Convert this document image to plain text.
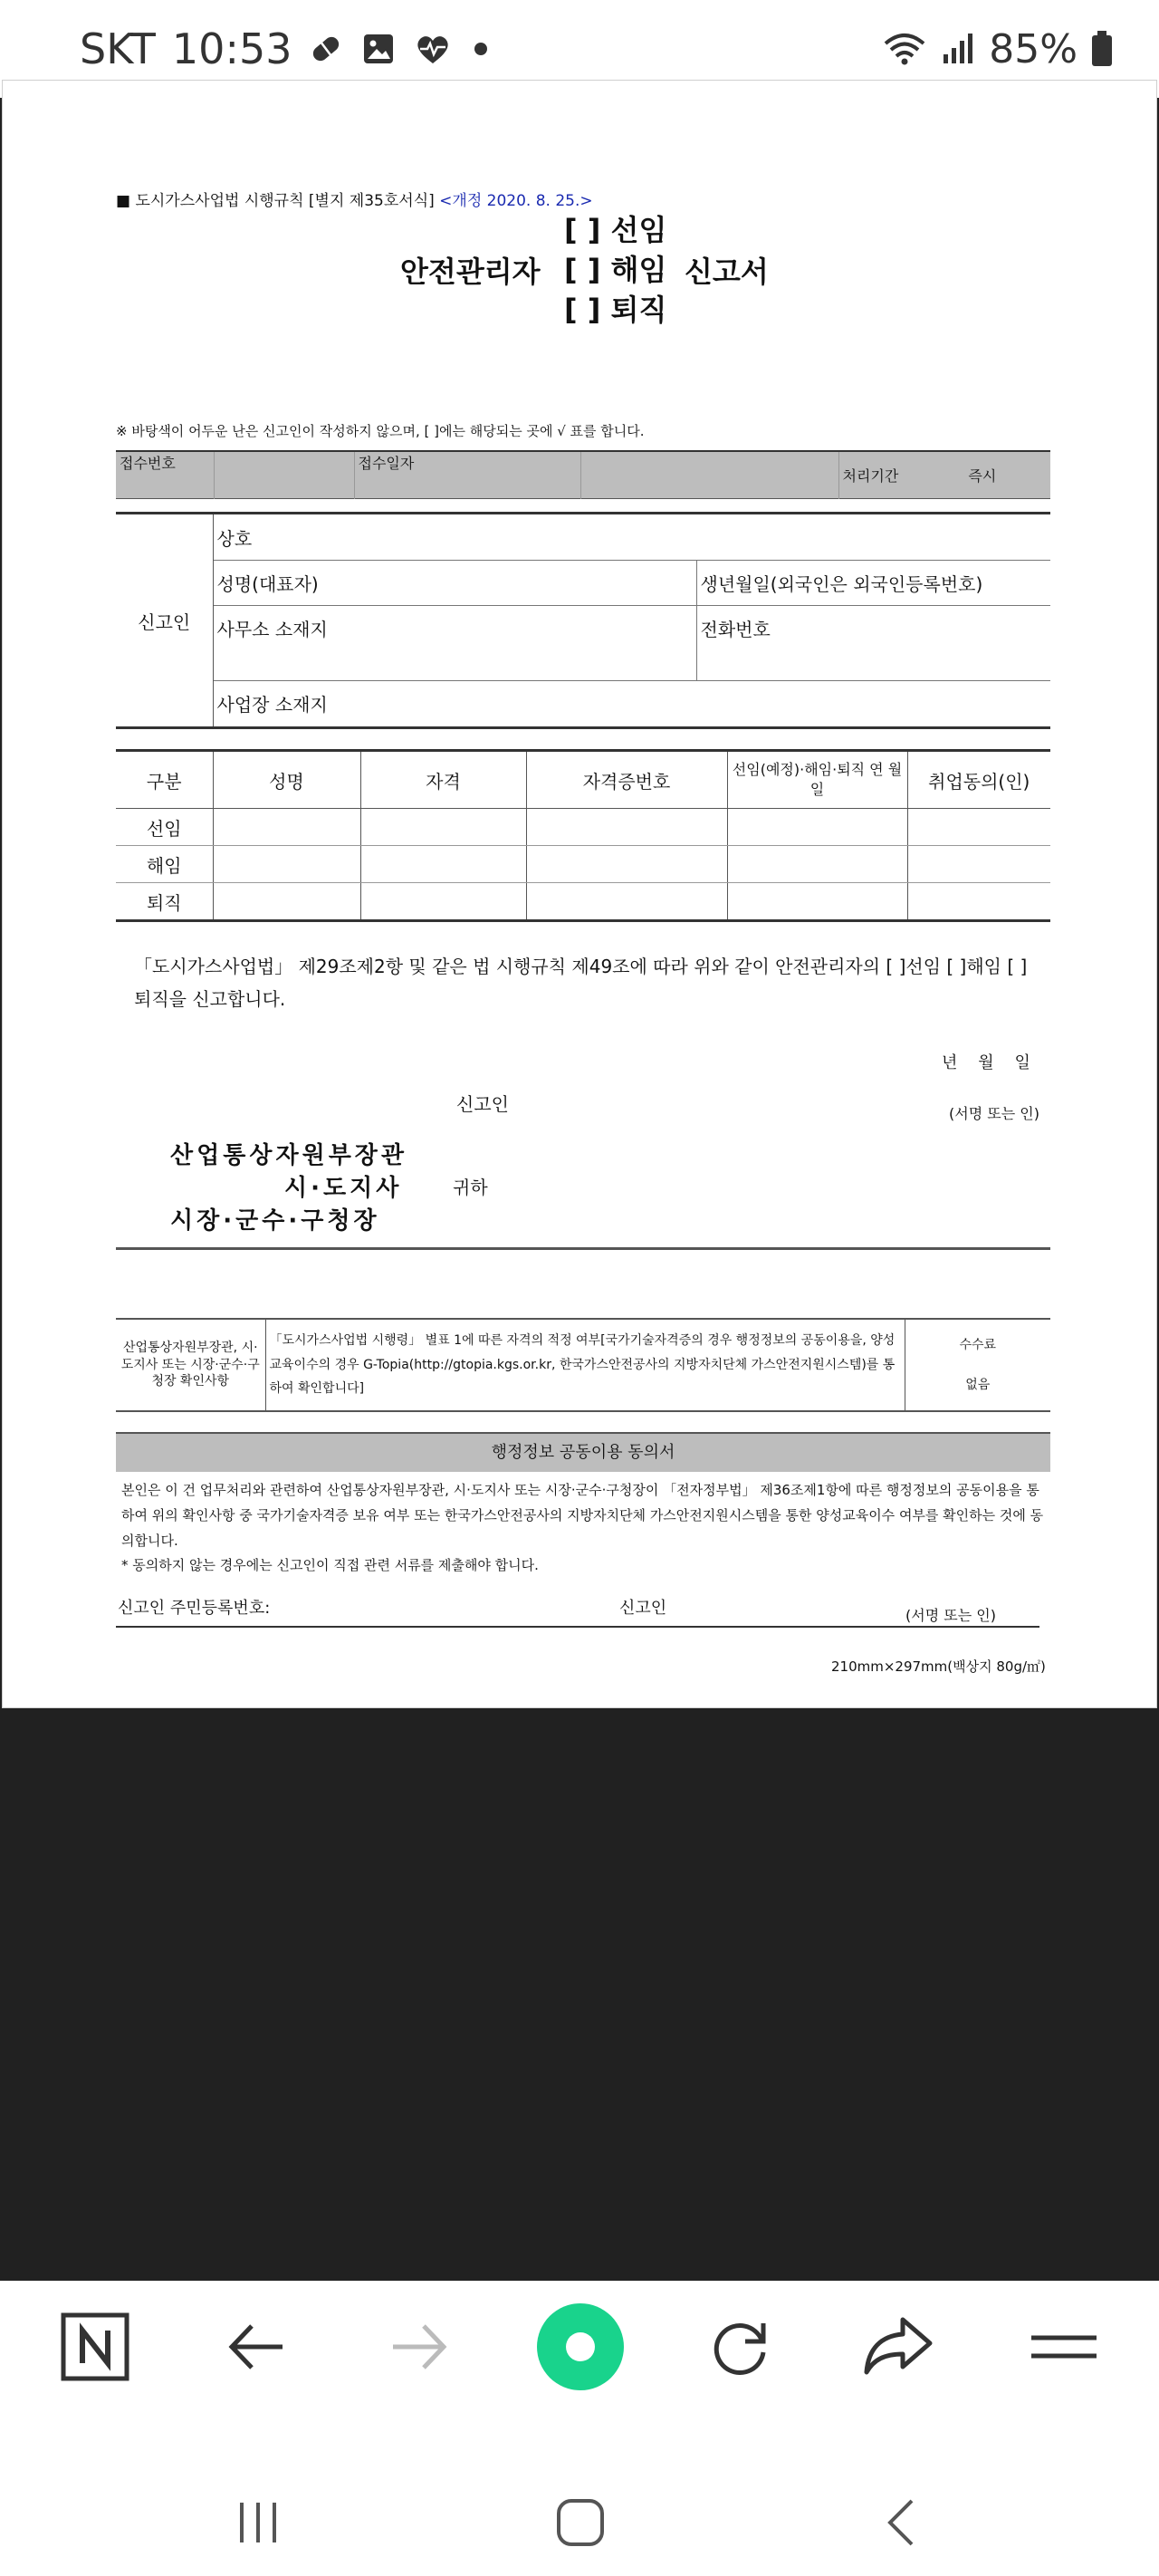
SKT 10:53	85%
■ 도시가스사업법 시행규칙 [별지 제35호서식] <개정 2020. 8. 25.>
안전관리자
[ ] 선임
[ ] 해임
[ ] 퇴직
신고서
※ 바탕색이 어두운 난은 신고인이 작성하지 않으며, [ ]에는 해당되는 곳에 √ 표를 합니다.
접수번호		접수일자		처리기간	즉시
신고인	상호	
	성명(대표자)	생년월일(외국인은 외국인등록번호)
	사무소 소재지	전화번호
	사업장 소재지	
구분	성명	자격	자격증번호	선임(예정)·해임·퇴직 연 월 일	취업동의(인)
선임					
해임					
퇴직					
「도시가스사업법」 제29조제2항 및 같은 법 시행규칙 제49조에 따라 위와 같이 안전관리자의 [ ]선임 [ ]해임 [ ]퇴직을 신고합니다.
년    월    일
신고인	(서명 또는 인)
산업통상자원부장관
시·도지사	귀하
시장·군수·구청장
산업통상자원부장관, 시·도지사 또는 시장·군수·구청장 확인사항	「도시가스사업법 시행령」 별표 1에 따른 자격의 적정 여부[국가기술자격증의 경우 행정정보의 공동이용을, 양성교육이수의 경우 G-Topia(http://gtopia.kgs.or.kr, 한국가스안전공사의 지방자치단체 가스안전지원시스템)를 통하여 확인합니다]	
수수료
없음
행정정보 공동이용 동의서
본인은 이 건 업무처리와 관련하여 산업통상자원부장관, 시·도지사 또는 시장·군수·구청장이 「전자정부법」 제36조제1항에 따른 행정정보의 공동이용을 통하여 위의 확인사항 중 국가기술자격증 보유 여부 또는 한국가스안전공사의 지방자치단체 가스안전지원시스템을 통한 양성교육이수 여부를 확인하는 것에 동의합니다.
* 동의하지 않는 경우에는 신고인이 직접 관련 서류를 제출해야 합니다.
신고인 주민등록번호:	신고인	(서명 또는 인)
210mm×297mm(백상지 80g/㎡)
